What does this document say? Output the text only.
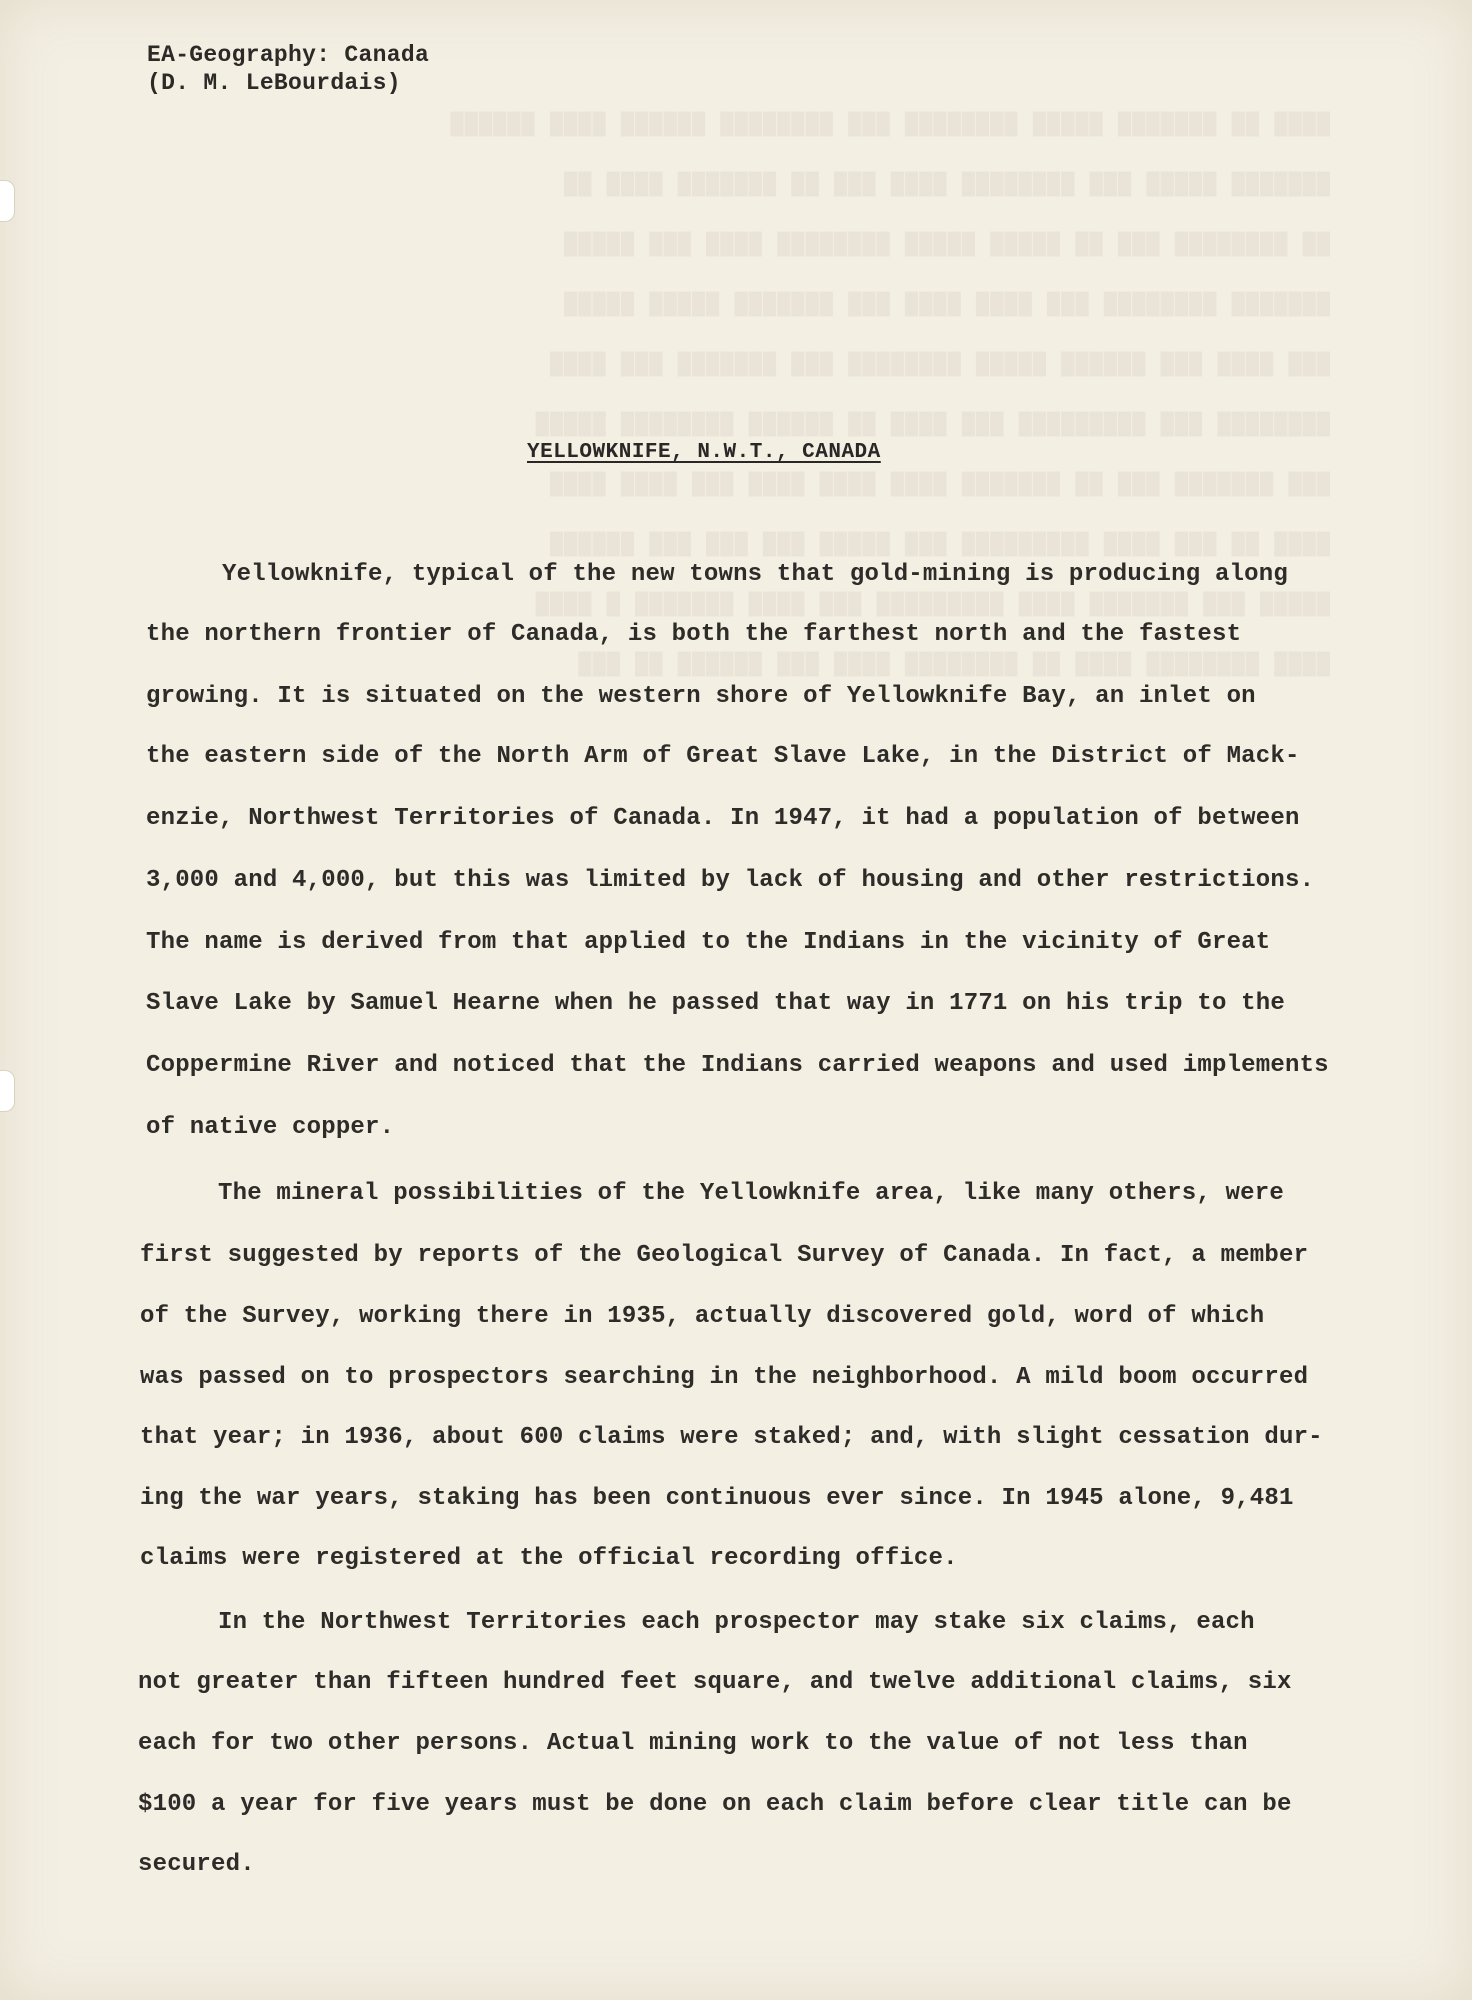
████ ██ ███████ █████ ████████ ███ ████████ ██████ ████ ██████
███████ █████ ███ ████████ ████ ███ ██ ███████ ████ ██
██ ████████ ███ ██ █████ █████ ████████ ████ ███ █████
███████ ████████ ███ ████ ████ ███ ███████ █████ █████
███ ████ ███ ██████ █████ ████████ ███ ███████ ███ ████
████████ ███ █████████ ███ ████ ██ ██████ ████████ █████
███ ███████ ███ ██ ███████ ████ ████ ████ ███ ████ ████
████ ██ ███ ████ █████████ ███ █████ ███ ███ ███ ██████
█████ ███ ███████ ████ █████████ ███ ████ ███████ █ ████
████ ████████ ████ ██ ████████ ████ ███ ██████ ██ ███
EA-Geography: Canada
(D. M. LeBourdais)
YELLOWKNIFE, N.W.T., CANADA
Yellowknife, typical of the new towns that gold-mining is producing along
the northern frontier of Canada, is both the farthest north and the fastest
growing. It is situated on the western shore of Yellowknife Bay, an inlet on
the eastern side of the North Arm of Great Slave Lake, in the District of Mack-
enzie, Northwest Territories of Canada. In 1947, it had a population of between
3,000 and 4,000, but this was limited by lack of housing and other restrictions.
The name is derived from that applied to the Indians in the vicinity of Great
Slave Lake by Samuel Hearne when he passed that way in 1771 on his trip to the
Coppermine River and noticed that the Indians carried weapons and used implements
of native copper.
The mineral possibilities of the Yellowknife area, like many others, were
first suggested by reports of the Geological Survey of Canada. In fact, a member
of the Survey, working there in 1935, actually discovered gold, word of which
was passed on to prospectors searching in the neighborhood. A mild boom occurred
that year; in 1936, about 600 claims were staked; and, with slight cessation dur-
ing the war years, staking has been continuous ever since. In 1945 alone, 9,481
claims were registered at the official recording office.
In the Northwest Territories each prospector may stake six claims, each
not greater than fifteen hundred feet square, and twelve additional claims, six
each for two other persons. Actual mining work to the value of not less than
$100 a year for five years must be done on each claim before clear title can be
secured.
